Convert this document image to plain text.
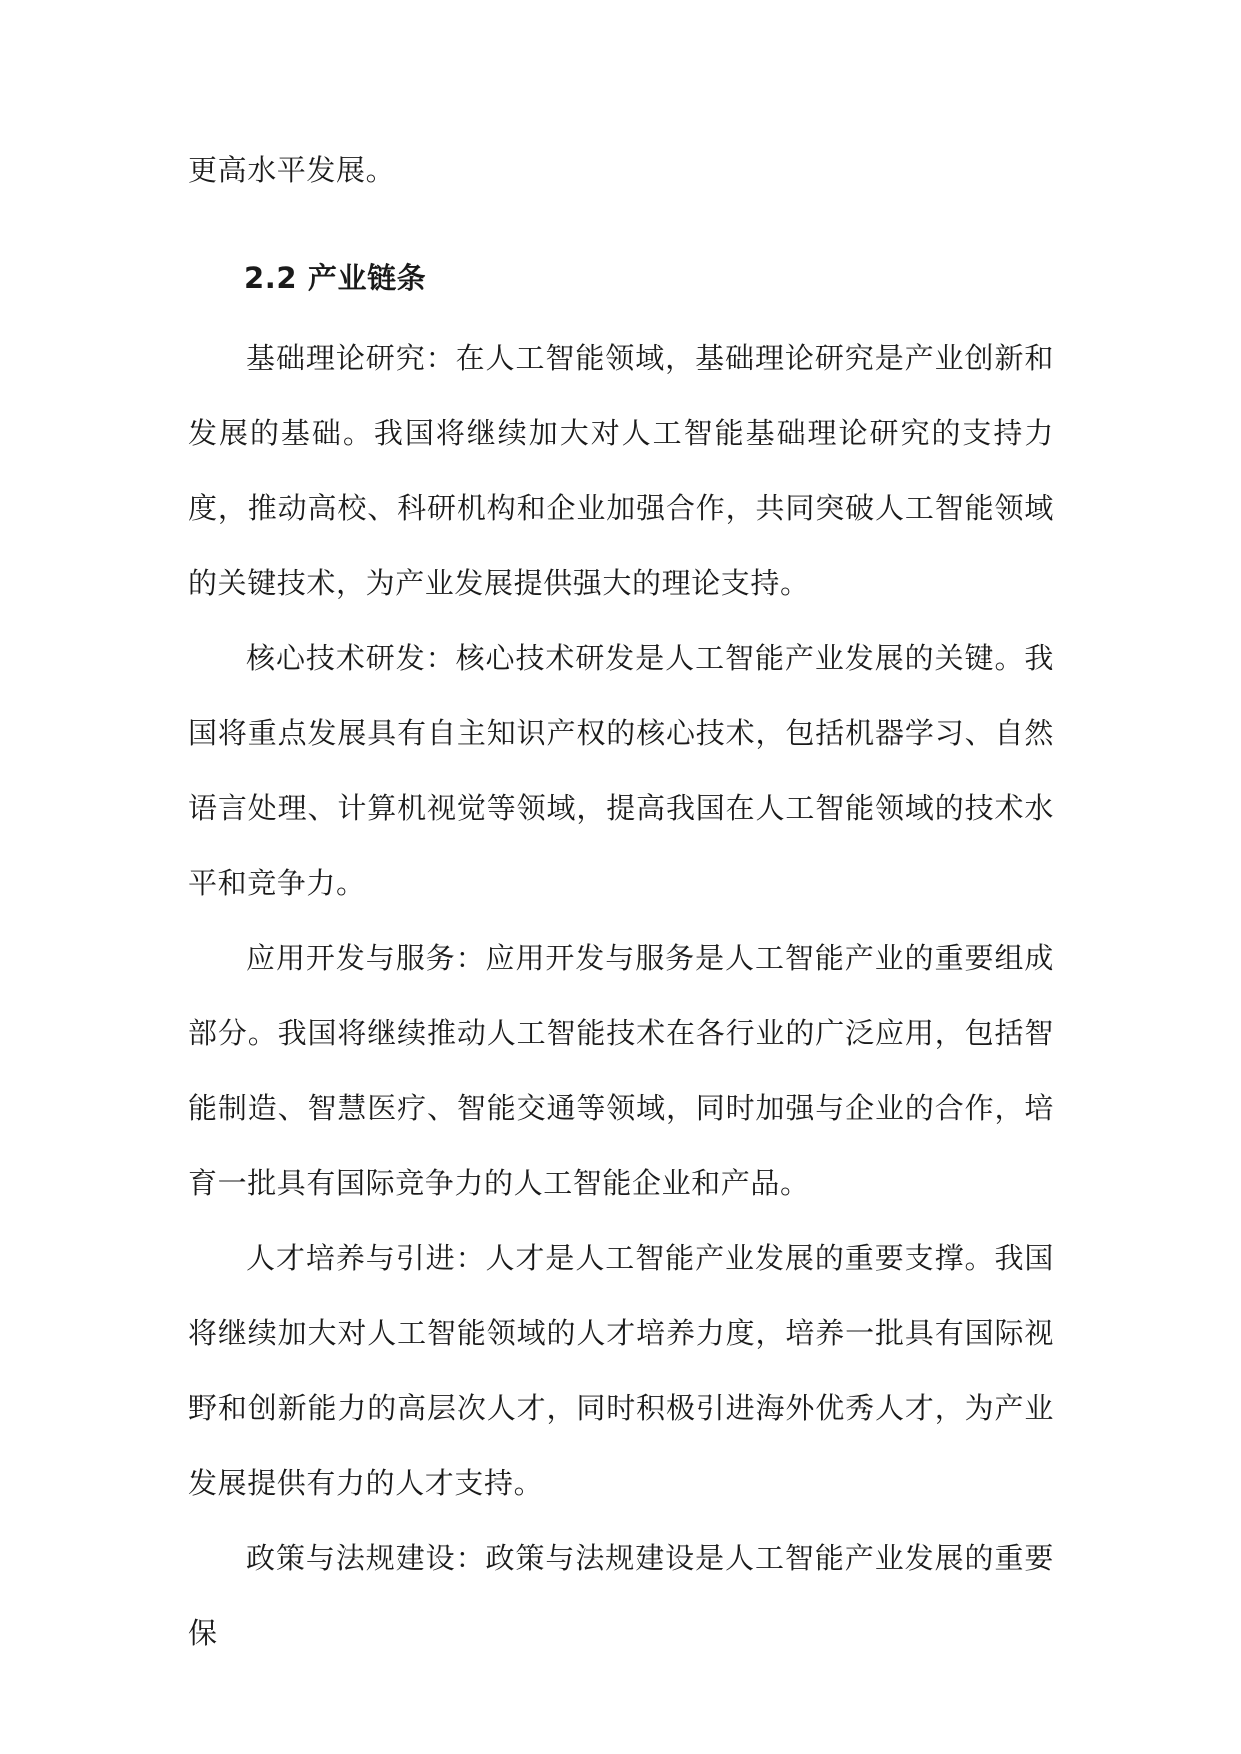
更高水平发展。

2.2 产业链条

基础理论研究：在人工智能领域，基础理论研究是产业创新和发展的基础。我国将继续加大对人工智能基础理论研究的支持力度，推动高校、科研机构和企业加强合作，共同突破人工智能领域的关键技术，为产业发展提供强大的理论支持。

核心技术研发：核心技术研发是人工智能产业发展的关键。我国将重点发展具有自主知识产权的核心技术，包括机器学习、自然语言处理、计算机视觉等领域，提高我国在人工智能领域的技术水平和竞争力。

应用开发与服务：应用开发与服务是人工智能产业的重要组成部分。我国将继续推动人工智能技术在各行业的广泛应用，包括智能制造、智慧医疗、智能交通等领域，同时加强与企业的合作，培育一批具有国际竞争力的人工智能企业和产品。

人才培养与引进：人才是人工智能产业发展的重要支撑。我国将继续加大对人工智能领域的人才培养力度，培养一批具有国际视野和创新能力的高层次人才，同时积极引进海外优秀人才，为产业发展提供有力的人才支持。

政策与法规建设：政策与法规建设是人工智能产业发展的重要保
